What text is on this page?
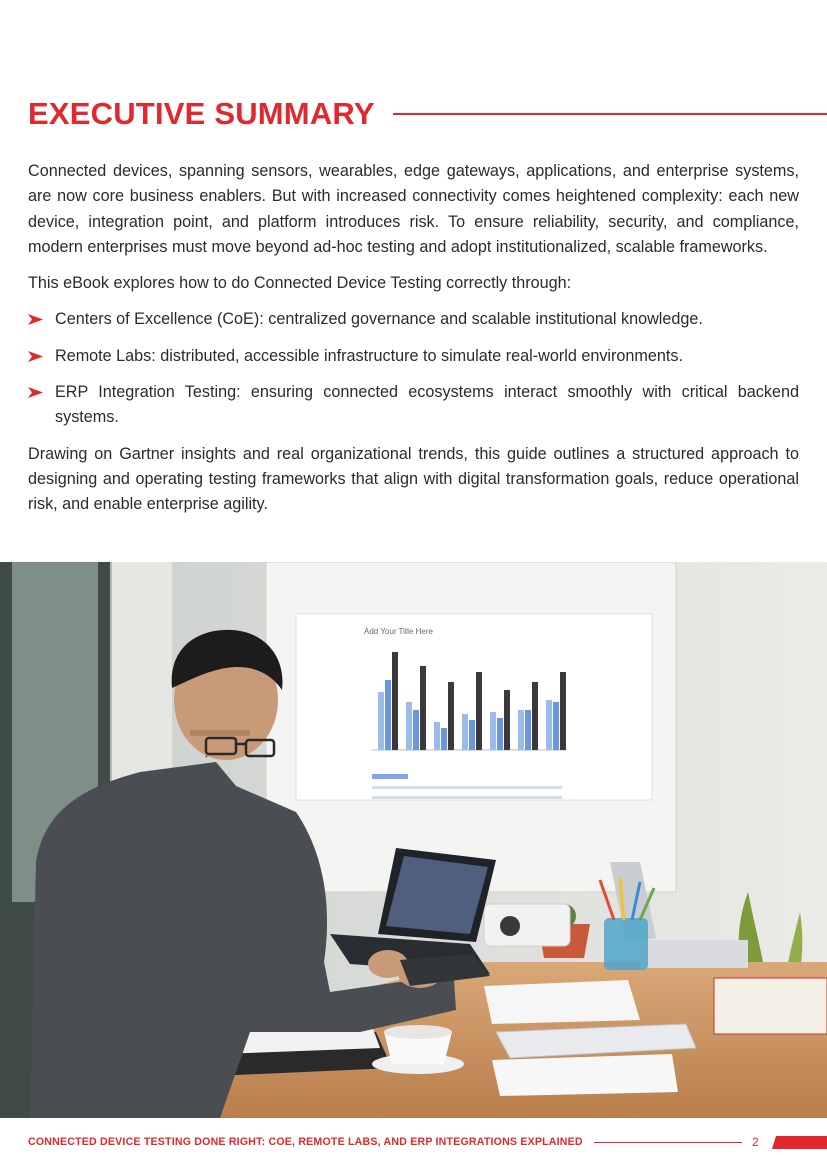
EXECUTIVE SUMMARY

Connected devices, spanning sensors, wearables, edge gateways, applications, and enterprise systems, are now core business enablers. But with increased connectivity comes heightened complexity: each new device, integration point, and platform introduces risk. To ensure reliability, security, and compliance, modern enterprises must move beyond ad-hoc testing and adopt institutionalized, scalable frameworks.

This eBook explores how to do Connected Device Testing correctly through:

Centers of Excellence (CoE): centralized governance and scalable institutional knowledge.
Remote Labs: distributed, accessible infrastructure to simulate real-world environments.
ERP Integration Testing: ensuring connected ecosystems interact smoothly with critical backend systems.

Drawing on Gartner insights and real organizational trends, this guide outlines a structured approach to designing and operating testing frameworks that align with digital transformation goals, reduce operational risk, and enable enterprise agility.

Add Your Title Here
CONNECTED DEVICE TESTING DONE RIGHT: COE, REMOTE LABS, AND ERP INTEGRATIONS EXPLAINED	2
